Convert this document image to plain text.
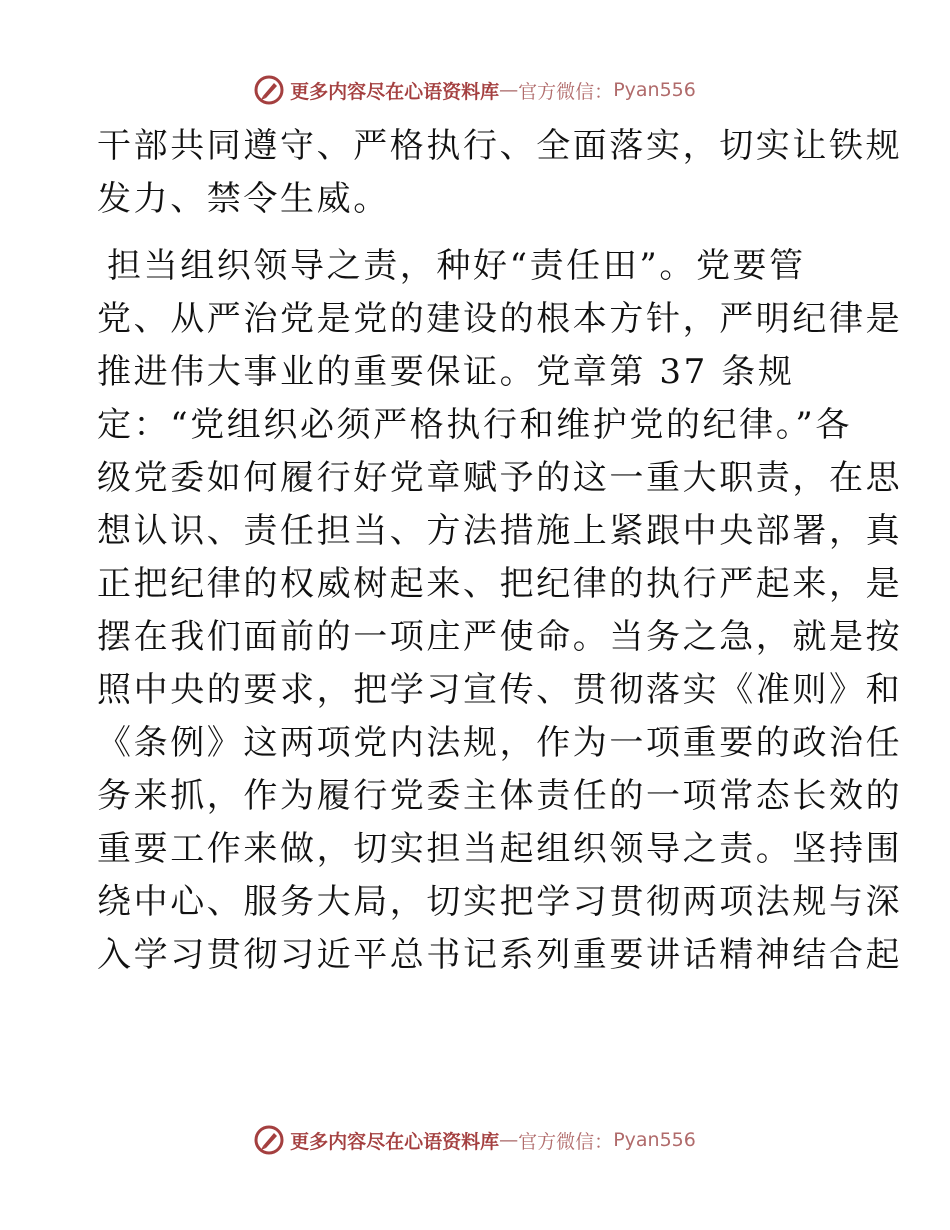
更多内容尽在心语资料库 — 官方微信： Pyan556
干部共同遵守、严格执行、全面落实，切实让铁规
发力、禁令生威。
担当组织领导之责，种好“责任田”。党要管
党、从严治党是党的建设的根本方针，严明纪律是
推进伟大事业的重要保证。党章第 37 条规
定：“党组织必须严格执行和维护党的纪律。”各
级党委如何履行好党章赋予的这一重大职责，在思
想认识、责任担当、方法措施上紧跟中央部署，真
正把纪律的权威树起来、把纪律的执行严起来，是
摆在我们面前的一项庄严使命。当务之急，就是按
照中央的要求，把学习宣传、贯彻落实《准则》和
《条例》这两项党内法规，作为一项重要的政治任
务来抓，作为履行党委主体责任的一项常态长效的
重要工作来做，切实担当起组织领导之责。坚持围
绕中心、服务大局，切实把学习贯彻两项法规与深
入学习贯彻习近平总书记系列重要讲话精神结合起
更多内容尽在心语资料库 — 官方微信： Pyan556
